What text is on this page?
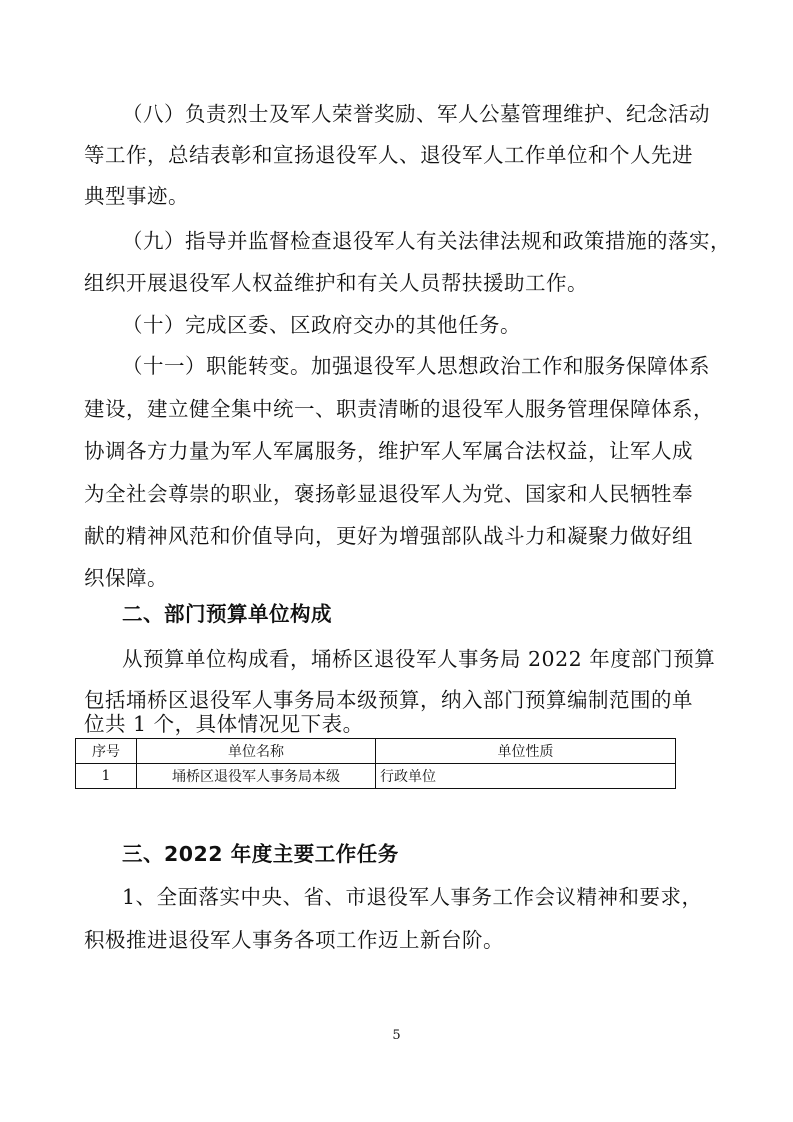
（八）负责烈士及军人荣誉奖励、军人公墓管理维护、纪念活动
等工作，总结表彰和宣扬退役军人、退役军人工作单位和个人先进
典型事迹。
（九）指导并监督检查退役军人有关法律法规和政策措施的落实，
组织开展退役军人权益维护和有关人员帮扶援助工作。
（十）完成区委、区政府交办的其他任务。
（十一）职能转变。加强退役军人思想政治工作和服务保障体系
建设，建立健全集中统一、职责清晰的退役军人服务管理保障体系，
协调各方力量为军人军属服务，维护军人军属合法权益，让军人成
为全社会尊崇的职业，褒扬彰显退役军人为党、国家和人民牺牲奉
献的精神风范和价值导向，更好为增强部队战斗力和凝聚力做好组
织保障。
二、部门预算单位构成
从预算单位构成看，埇桥区退役军人事务局 2022 年度部门预算
包括埇桥区退役军人事务局本级预算，纳入部门预算编制范围的单
位共 1 个，具体情况见下表。
三、2022 年度主要工作任务
1、全面落实中央、省、市退役军人事务工作会议精神和要求，
积极推进退役军人事务各项工作迈上新台阶。
序号	单位名称	单位性质
1	埇桥区退役军人事务局本级	行政单位
5
